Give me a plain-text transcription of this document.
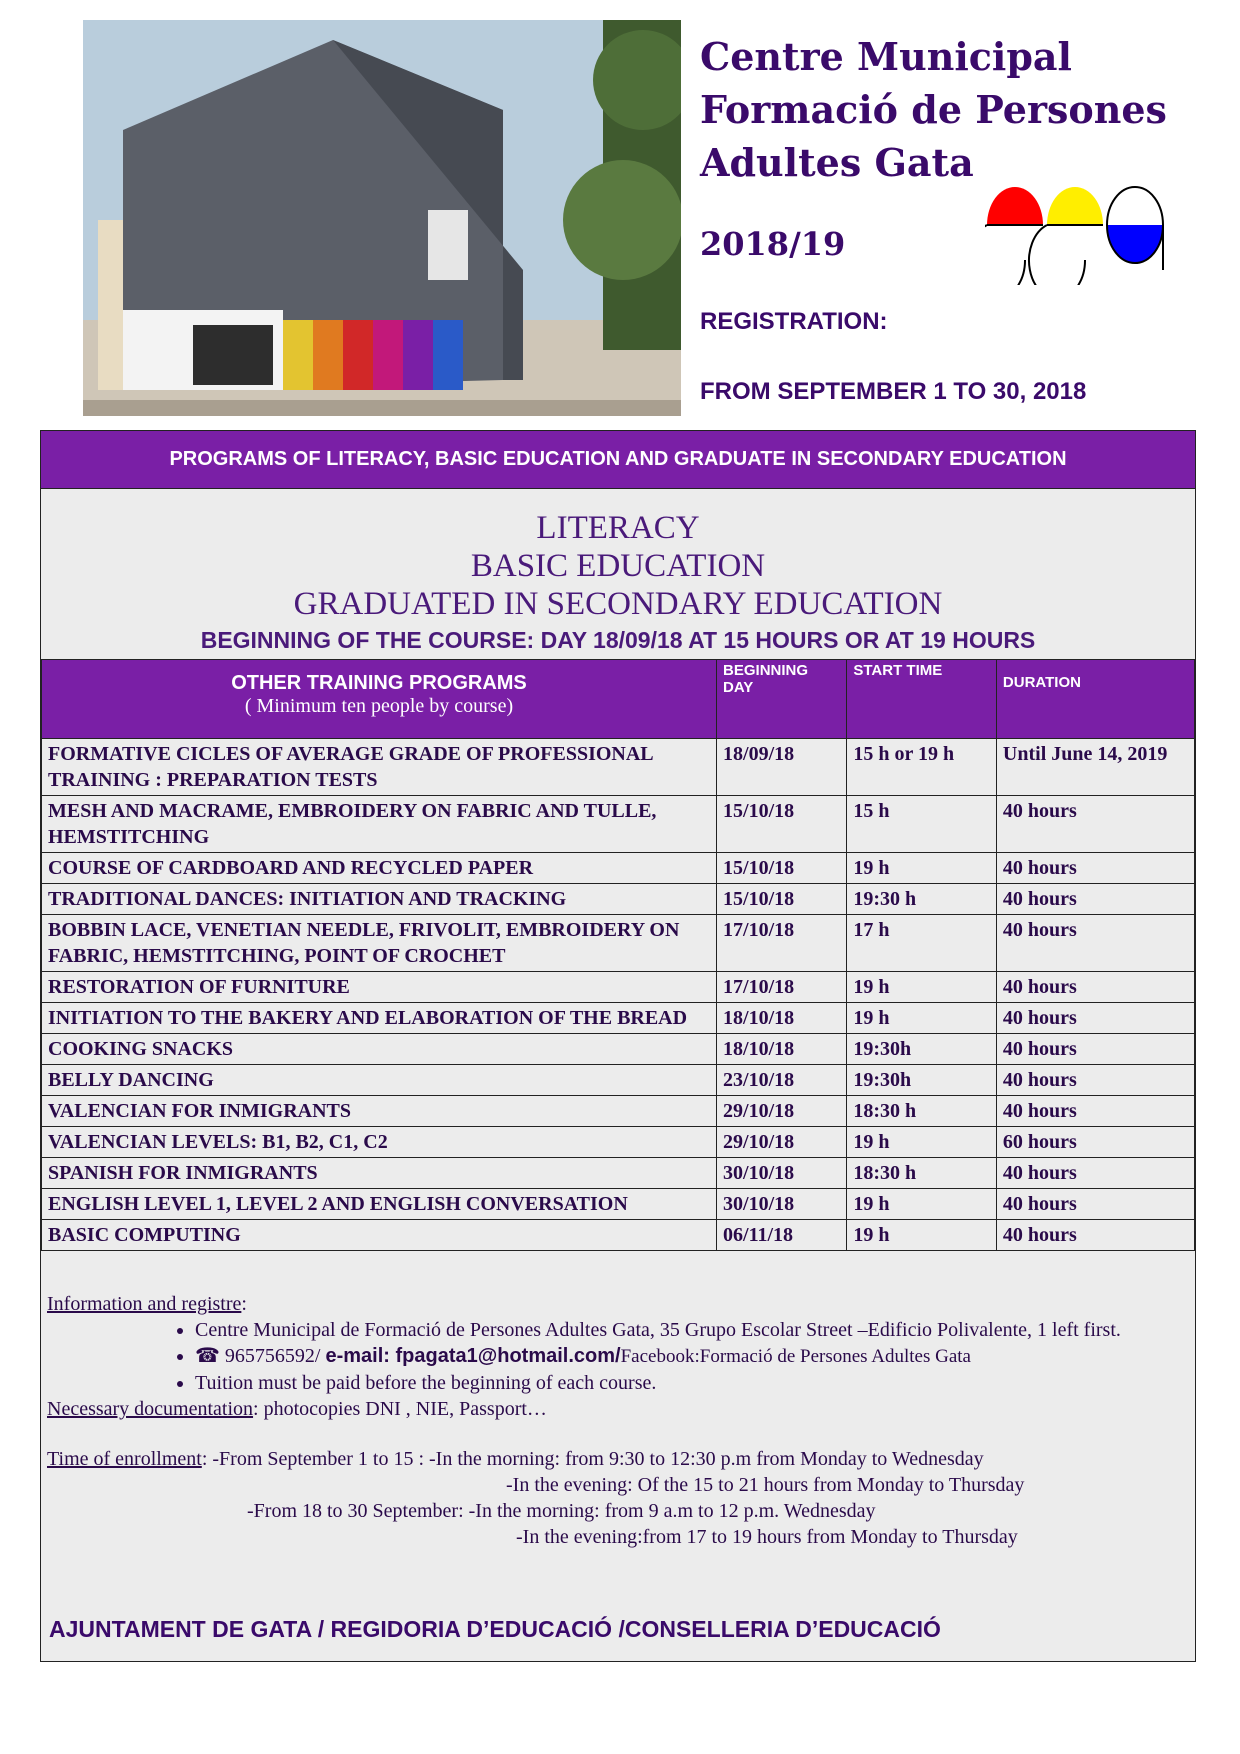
Centre Municipal
Formació de Persones
Adultes Gata
2018/19
REGISTRATION:
FROM SEPTEMBER 1 TO 30, 2018
PROGRAMS OF LITERACY, BASIC EDUCATION AND GRADUATE IN SECONDARY EDUCATION
LITERACY
BASIC EDUCATION
GRADUATED IN SECONDARY EDUCATION
BEGINNING OF THE COURSE: DAY 18/09/18 AT 15 HOURS OR AT 19 HOURS
OTHER TRAINING PROGRAMS
( Minimum ten people by course)	BEGINNING DAY	START TIME	DURATION
FORMATIVE CICLES OF AVERAGE GRADE OF PROFESSIONAL TRAINING : PREPARATION TESTS	18/09/18	15 h or 19 h	Until June 14, 2019
MESH AND MACRAME, EMBROIDERY ON FABRIC AND TULLE, HEMSTITCHING	15/10/18	15 h	40 hours
COURSE OF CARDBOARD AND RECYCLED PAPER	15/10/18	19 h	40 hours
TRADITIONAL DANCES: INITIATION AND TRACKING	15/10/18	19:30 h	40 hours
BOBBIN LACE, VENETIAN NEEDLE, FRIVOLIT, EMBROIDERY ON FABRIC, HEMSTITCHING, POINT OF CROCHET	17/10/18	17 h	40 hours
RESTORATION OF FURNITURE	17/10/18	19 h	40 hours
INITIATION TO THE BAKERY AND ELABORATION OF THE BREAD	18/10/18	19 h	40 hours
COOKING SNACKS	18/10/18	19:30h	40 hours
BELLY DANCING	23/10/18	19:30h	40 hours
VALENCIAN FOR INMIGRANTS	29/10/18	18:30 h	40 hours
VALENCIAN LEVELS: B1, B2, C1, C2	29/10/18	19 h	60 hours
SPANISH FOR INMIGRANTS	30/10/18	18:30 h	40 hours
ENGLISH LEVEL 1, LEVEL 2 AND ENGLISH CONVERSATION	30/10/18	19 h	40 hours
BASIC COMPUTING	06/11/18	19 h	40 hours
Information and registre:
• Centre Municipal de Formació de Persones Adultes Gata, 35 Grupo Escolar Street –Edificio Polivalente, 1 left first.
• ☎ 965756592/ e-mail: fpagata1@hotmail.com/Facebook:Formació de Persones Adultes Gata
• Tuition must be paid before the beginning of each course.
Necessary documentation: photocopies DNI , NIE, Passport…
Time of enrollment: -From September 1 to 15 : -In the morning: from 9:30 to 12:30 p.m from Monday to Wednesday
-In the evening: Of the 15 to 21 hours from Monday to Thursday
-From 18 to 30 September: -In the morning: from 9 a.m to 12 p.m. Wednesday
-In the evening:from 17 to 19 hours from Monday to Thursday
AJUNTAMENT DE GATA / REGIDORIA D’EDUCACIÓ /CONSELLERIA D’EDUCACIÓ
